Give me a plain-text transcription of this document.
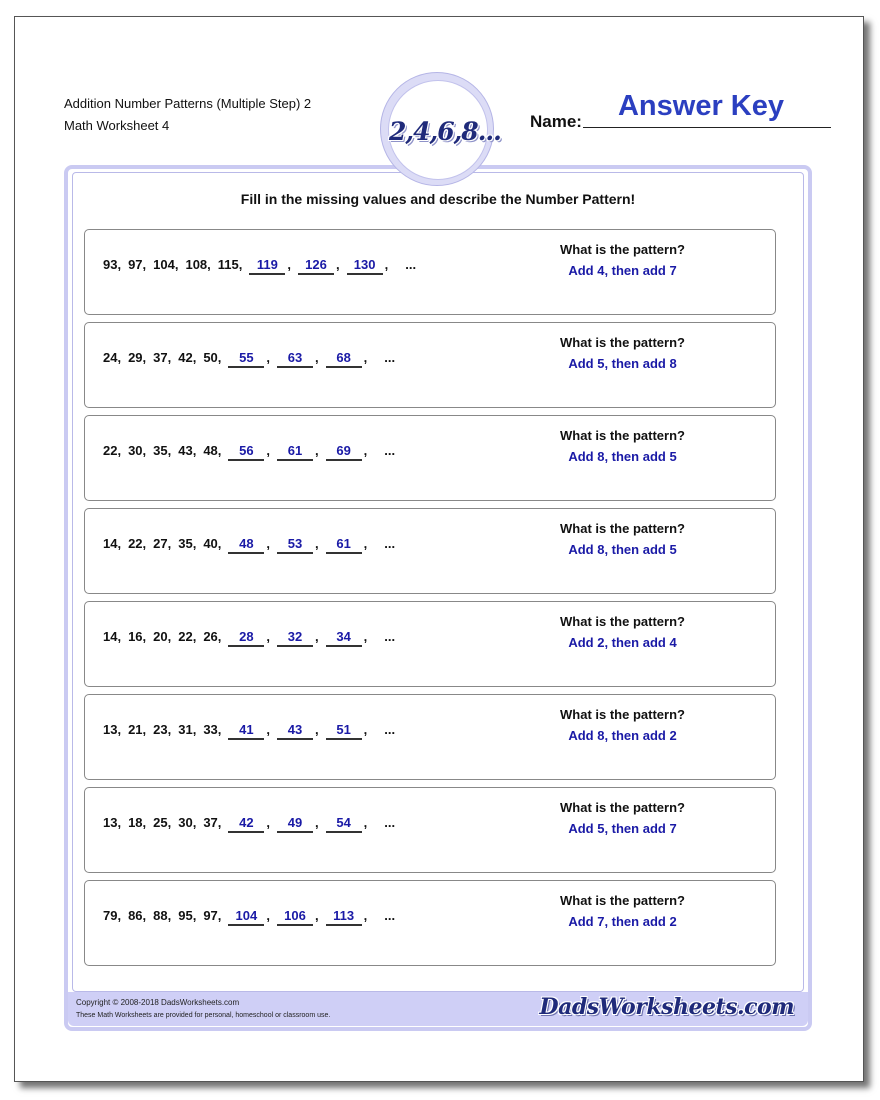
Addition Number Patterns (Multiple Step) 2
Math Worksheet 4	Name:	Answer Key
2,4,6,8...
Fill in the missing values and describe the Number Pattern!
93, 97, 104, 108, 115, 119 , 126 , 130 , ...
What is the pattern?
Add 4, then add 7
24, 29, 37, 42, 50, 55 , 63 , 68 , ...
What is the pattern?
Add 5, then add 8
22, 30, 35, 43, 48, 56 , 61 , 69 , ...
What is the pattern?
Add 8, then add 5
14, 22, 27, 35, 40, 48 , 53 , 61 , ...
What is the pattern?
Add 8, then add 5
14, 16, 20, 22, 26, 28 , 32 , 34 , ...
What is the pattern?
Add 2, then add 4
13, 21, 23, 31, 33, 41 , 43 , 51 , ...
What is the pattern?
Add 8, then add 2
13, 18, 25, 30, 37, 42 , 49 , 54 , ...
What is the pattern?
Add 5, then add 7
79, 86, 88, 95, 97, 104 , 106 , 113 , ...
What is the pattern?
Add 7, then add 2
Copyright © 2008-2018 DadsWorksheets.com
These Math Worksheets are provided for personal, homeschool or classroom use.	DadsWorksheets.com
